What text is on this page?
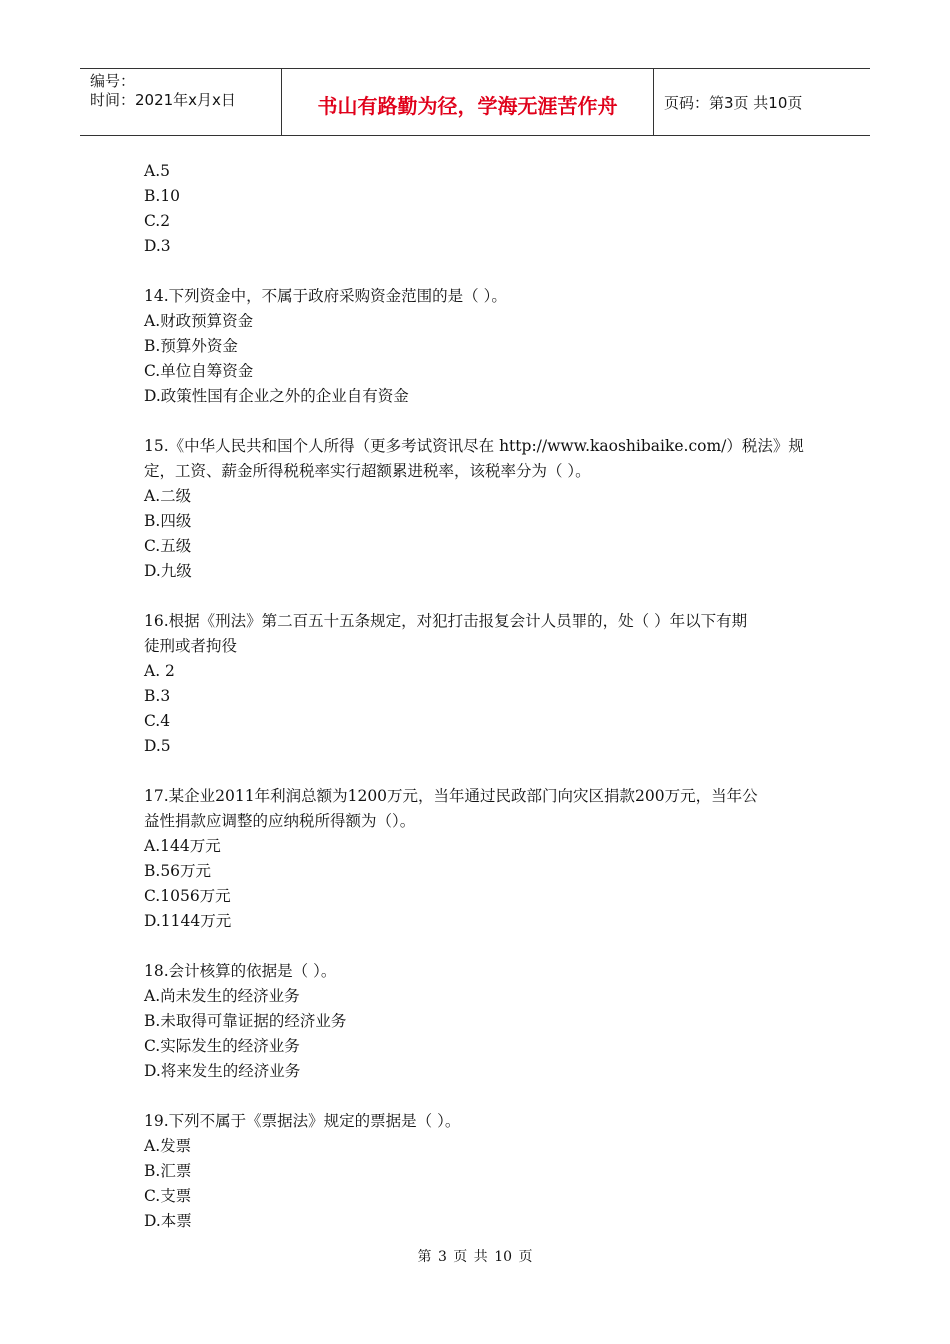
编号：
时间：2021年x月x日	书山有路勤为径，学海无涯苦作舟	页码：第3页 共10页

A.5

B.10

C.2

D.3

14.下列资金中，不属于政府采购资金范围的是（ ）。

A.财政预算资金

B.预算外资金

C.单位自筹资金

D.政策性国有企业之外的企业自有资金

15.《中华人民共和国个人所得（更多考试资讯尽在 http://www.kaoshibaike.com/）税法》规

定，工资、薪金所得税税率实行超额累进税率，该税率分为（ ）。

A.二级

B.四级

C.五级

D.九级

16.根据《刑法》第二百五十五条规定，对犯打击报复会计人员罪的，处（ ）年以下有期

徒刑或者拘役

A. 2

B.3

C.4

D.5

17.某企业2011年利润总额为1200万元，当年通过民政部门向灾区捐款200万元，当年公

益性捐款应调整的应纳税所得额为（）。

A.144万元

B.56万元

C.1056万元

D.1144万元

18.会计核算的依据是（ ）。

A.尚未发生的经济业务

B.未取得可靠证据的经济业务

C.实际发生的经济业务

D.将来发生的经济业务

19.下列不属于《票据法》规定的票据是（ ）。

A.发票

B.汇票

C.支票

D.本票

第 3 页 共 10 页
